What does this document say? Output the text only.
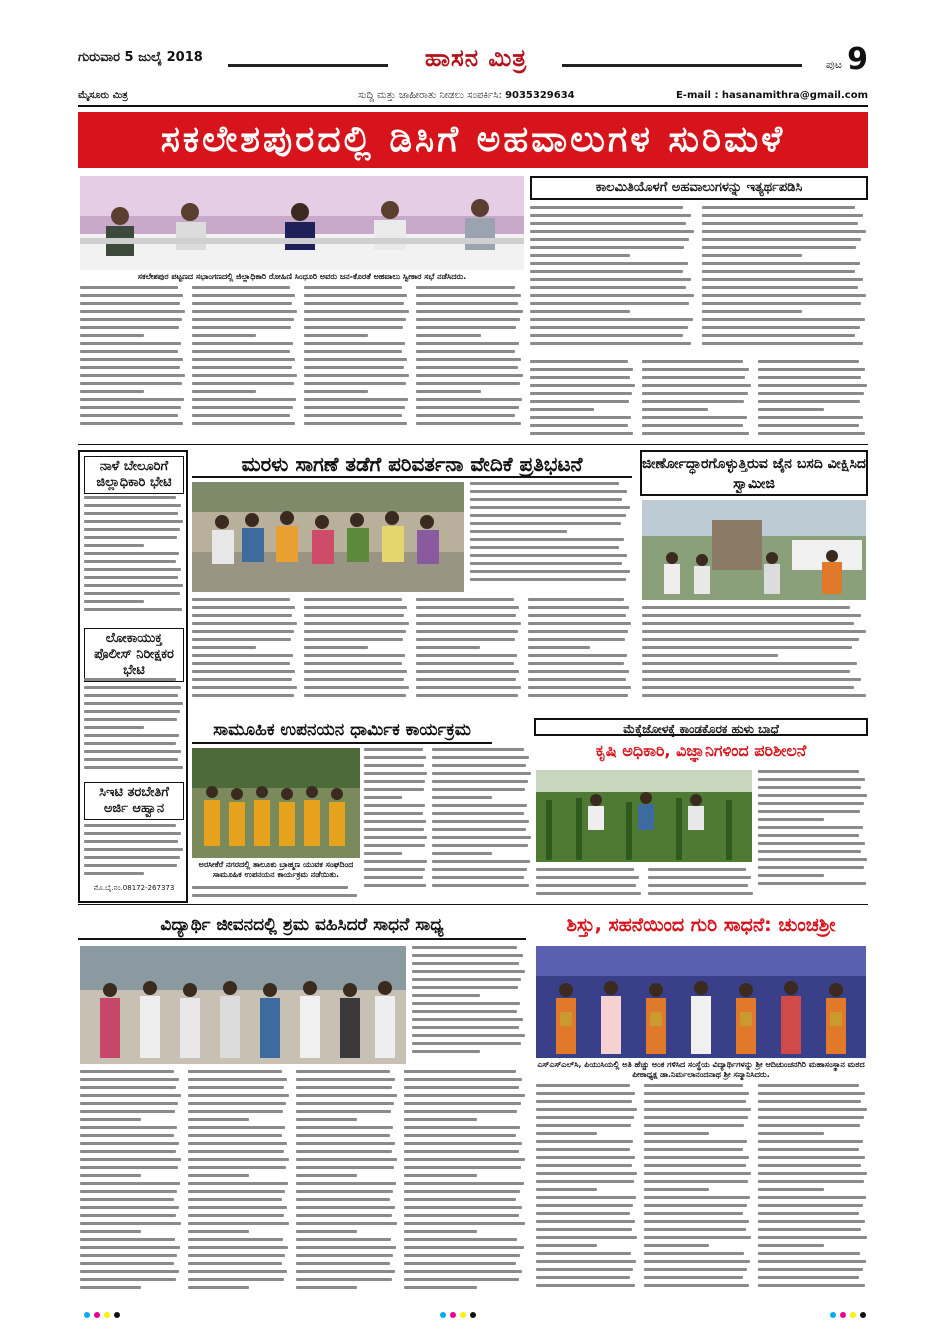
ಗುರುವಾರ 5 ಜುಲೈ 2018	ಹಾಸನ ಮಿತ್ರ	ಪುಟ 9
ಮೈಸೂರು ಮಿತ್ರ	ಸುದ್ದಿ ಮತ್ತು ಜಾಹೀರಾತು ನೀಡಲು ಸಂಪರ್ಕಿಸಿ: 9035329634	E-mail : hasanamithra@gmail.com
ಸಕಲೇಶಪುರದಲ್ಲಿ ಡಿಸಿಗೆ ಅಹವಾಲುಗಳ ಸುರಿಮಳೆ
ಸಕಲೇಶಪುರ ಪಟ್ಟಣದ ಸಭಾಂಗಣದಲ್ಲಿ ಜಿಲ್ಲಾಧಿಕಾರಿ ರೋಹಿಣಿ ಸಿಂಧೂರಿ ಅವರು ಜನ-ಕೊರತೆ ಅಹವಾಲು ಸ್ವೀಕಾರ ಸಭೆ ನಡೆಸಿದರು.
ಕಾಲಮಿತಿಯೊಳಗೆ ಅಹವಾಲುಗಳನ್ನು ಇತ್ಯರ್ಥಪಡಿಸಿ
ನಾಳೆ ಬೇಲೂರಿಗೆ ಜಿಲ್ಲಾಧಿಕಾರಿ ಭೇಟಿ
ಲೋಕಾಯುಕ್ತ ಪೊಲೀಸ್ ನಿರೀಕ್ಷಕರ ಭೇಟಿ
ಸಿಇಟಿ ತರಬೇತಿಗೆ ಅರ್ಜಿ ಆಹ್ವಾನ
ಮೊ.ಬೈ.ನಂ.08172-267373
ಮರಳು ಸಾಗಣೆ ತಡೆಗೆ ಪರಿವರ್ತನಾ ವೇದಿಕೆ ಪ್ರತಿಭಟನೆ	ಜೀರ್ಣೋದ್ಧಾರಗೊಳ್ಳುತ್ತಿರುವ ಜೈನ ಬಸದಿ ವೀಕ್ಷಿಸಿದ ಸ್ವಾಮೀಜಿ
ಸಾಮೂಹಿಕ ಉಪನಯನ ಧಾರ್ಮಿಕ ಕಾರ್ಯಕ್ರಮ
ಅರಸೀಕೆರೆ ನಗರದಲ್ಲಿ ತಾಲೂಕು ಬ್ರಾಹ್ಮಣ ಯುವಕ ಸಂಘದಿಂದ ಸಾಮೂಹಿಕ ಉಪನಯನ ಕಾರ್ಯಕ್ರಮ ನಡೆಯಿತು.
ಮೆಕ್ಕೆಜೋಳಕ್ಕೆ ಕಾಂಡಕೊರಕ ಹುಳು ಬಾಧೆ
ಕೃಷಿ ಅಧಿಕಾರಿ, ವಿಜ್ಞಾನಿಗಳಿಂದ ಪರಿಶೀಲನೆ
ವಿದ್ಯಾರ್ಥಿ ಜೀವನದಲ್ಲಿ ಶ್ರಮ ವಹಿಸಿದರೆ ಸಾಧನೆ ಸಾಧ್ಯ	ಶಿಸ್ತು, ಸಹನೆಯಿಂದ ಗುರಿ ಸಾಧನೆ: ಚುಂಚಶ್ರೀ
ಎಸ್ಎಸ್ಎಲ್‌ಸಿ, ಪಿಯುಸಿಯಲ್ಲಿ ಅತಿ ಹೆಚ್ಚು ಅಂಕ ಗಳಿಸಿದ ಸಂಸ್ಥೆಯ ವಿದ್ಯಾರ್ಥಿಗಳನ್ನು ಶ್ರೀ ಆದಿಚುಂಚನಗಿರಿ ಮಹಾಸಂಸ್ಥಾನ ಮಠದ ಪೀಠಾಧ್ಯಕ್ಷ ಡಾ.ನಿರ್ಮಲಾನಂದನಾಥ ಶ್ರೀ ಸನ್ಮಾನಿಸಿದರು.
